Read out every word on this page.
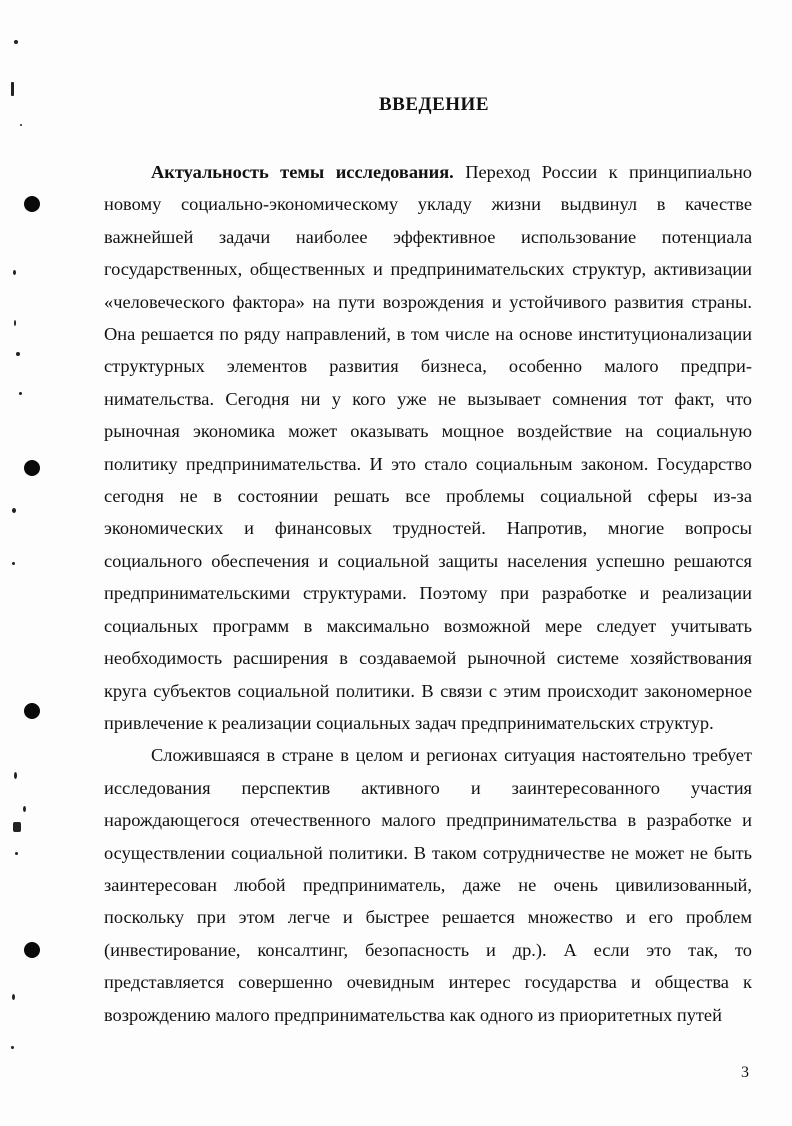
ВВЕДЕНИЕ

Актуальность темы исследования. Переход России к принципиально новому социально-экономическому укладу жизни выдвинул в качестве важнейшей задачи наиболее эффективное использование потенциала государственных, общественных и предпринимательских структур, активизации «человеческого фактора» на пути возрождения и устойчивого развития страны. Она решается по ряду направлений, в том числе на основе институционализации структурных элементов развития бизнеса, особенно малого предпри-нимательства. Сегодня ни у кого уже не вызывает сомнения тот факт, что рыночная экономика может оказывать мощное воздействие на социальную политику предпринимательства. И это стало социальным законом. Государство сегодня не в состоянии решать все проблемы социальной сферы из-за экономических и финансовых трудностей. Напротив, многие вопросы социального обеспечения и социальной защиты населения успешно решаются предпринимательскими структурами. Поэтому при разработке и реализации социальных программ в максимально возможной мере следует учитывать необходимость расширения в создаваемой рыночной системе хозяйствования круга субъектов социальной политики. В связи с этим происходит закономерное привлечение к реализации социальных задач предпринимательских структур.

Сложившаяся в стране в целом и регионах ситуация настоятельно требует исследования перспектив активного и заинтересованного участия нарождающегося отечественного малого предпринимательства в разработке и осуществлении социальной политики. В таком сотрудничестве не может не быть заинтересован любой предприниматель, даже не очень цивилизованный, поскольку при этом легче и быстрее решается множество и его проблем (инвестирование, консалтинг, безопасность и др.). А если это так, то представляется совершенно очевидным интерес государства и общества к возрождению малого предпринимательства как одного из приоритетных путей

3
